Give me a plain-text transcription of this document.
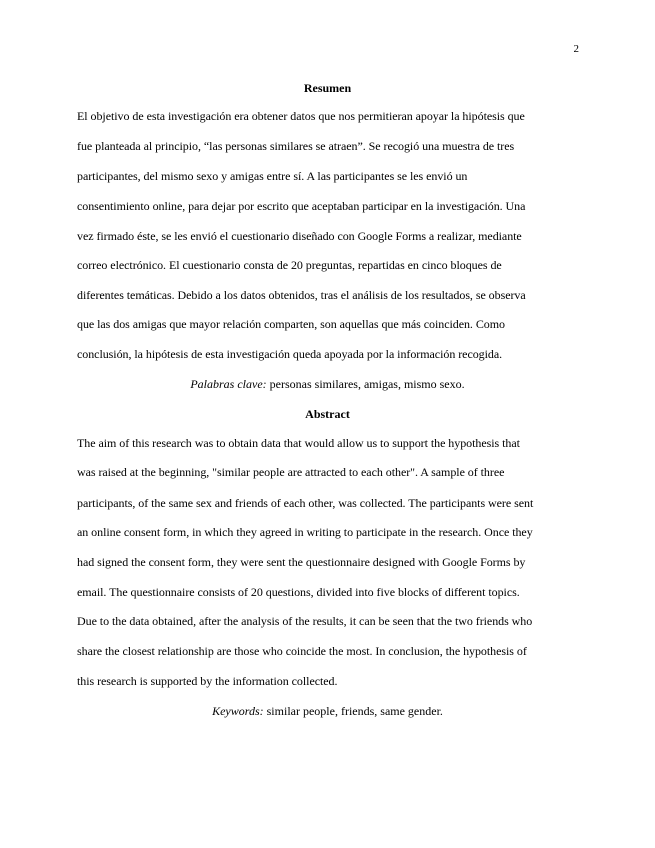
2
Resumen
El objetivo de esta investigación era obtener datos que nos permitieran apoyar la hipótesis que
fue planteada al principio, “las personas similares se atraen”. Se recogió una muestra de tres
participantes, del mismo sexo y amigas entre sí. A las participantes se les envió un
consentimiento online, para dejar por escrito que aceptaban participar en la investigación. Una
vez firmado éste, se les envió el cuestionario diseñado con Google Forms a realizar, mediante
correo electrónico. El cuestionario consta de 20 preguntas, repartidas en cinco bloques de
diferentes temáticas. Debido a los datos obtenidos, tras el análisis de los resultados, se observa
que las dos amigas que mayor relación comparten, son aquellas que más coinciden. Como
conclusión, la hipótesis de esta investigación queda apoyada por la información recogida.
Palabras clave: personas similares, amigas, mismo sexo.
Abstract
The aim of this research was to obtain data that would allow us to support the hypothesis that
was raised at the beginning, "similar people are attracted to each other". A sample of three
participants, of the same sex and friends of each other, was collected. The participants were sent
an online consent form, in which they agreed in writing to participate in the research. Once they
had signed the consent form, they were sent the questionnaire designed with Google Forms by
email. The questionnaire consists of 20 questions, divided into five blocks of different topics.
Due to the data obtained, after the analysis of the results, it can be seen that the two friends who
share the closest relationship are those who coincide the most. In conclusion, the hypothesis of
this research is supported by the information collected.
Keywords: similar people, friends, same gender.
